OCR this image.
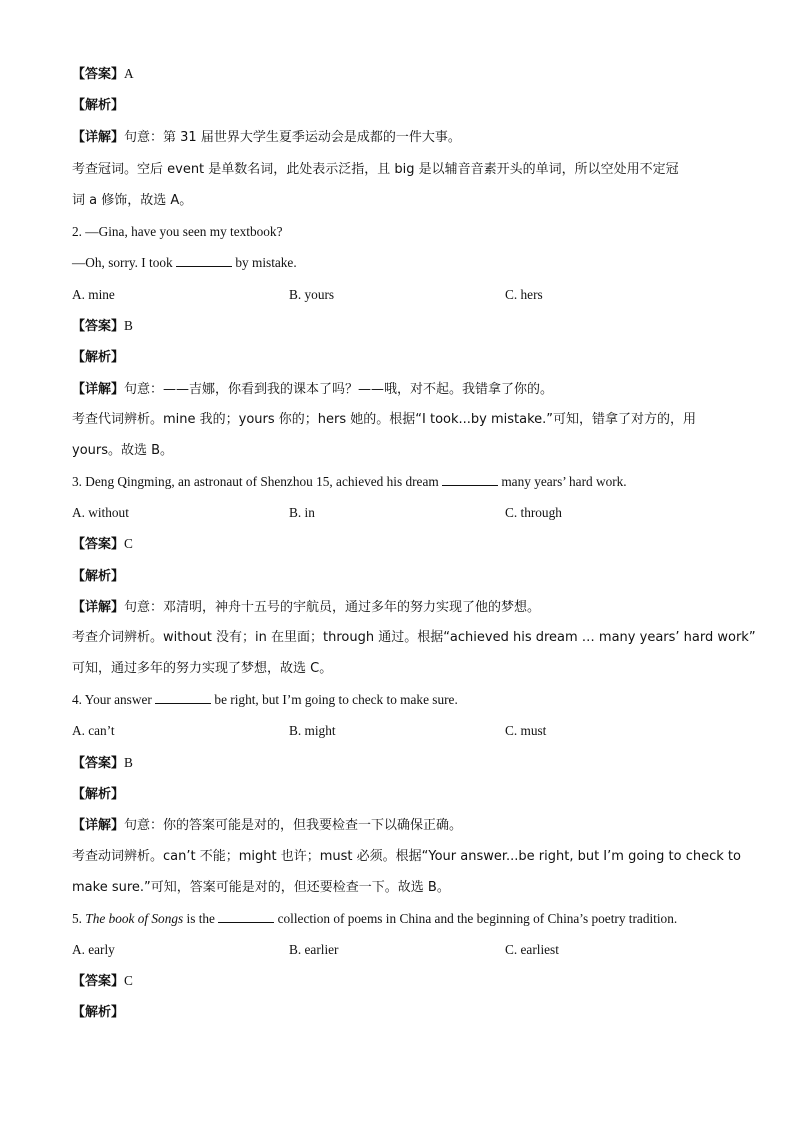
【答案】A
【解析】
【详解】句意：第 31 届世界大学生夏季运动会是成都的一件大事。
考查冠词。空后 event 是单数名词，此处表示泛指，且 big 是以辅音音素开头的单词，所以空处用不定冠
词 a 修饰，故选 A。
2. —Gina, have you seen my textbook?
—Oh, sorry. I took	by mistake.
A. mine	B. yours	C. hers
【答案】B
【解析】
【详解】句意：——吉娜，你看到我的课本了吗？——哦，对不起。我错拿了你的。
考查代词辨析。mine 我的；yours 你的；hers 她的。根据“I took...by mistake.”可知，错拿了对方的，用
yours。故选 B。
3. Deng Qingming, an astronaut of Shenzhou 15, achieved his dream	many years’ hard work.
A. without	B. in	C. through
【答案】C
【解析】
【详解】句意：邓清明，神舟十五号的宇航员，通过多年的努力实现了他的梦想。
考查介词辨析。without 没有；in 在里面；through 通过。根据“achieved his dream … many years’ hard work”
可知，通过多年的努力实现了梦想，故选 C。
4. Your answer	be right, but I’m going to check to make sure.
A. can’t	B. might	C. must
【答案】B
【解析】
【详解】句意：你的答案可能是对的，但我要检查一下以确保正确。
考查动词辨析。can’t 不能；might 也许；must 必须。根据“Your answer...be right, but I’m going to check to
make sure.”可知，答案可能是对的，但还要检查一下。故选 B。
5. The book of Songs is the	collection of poems in China and the beginning of China’s poetry tradition.
A. early	B. earlier	C. earliest
【答案】C
【解析】
